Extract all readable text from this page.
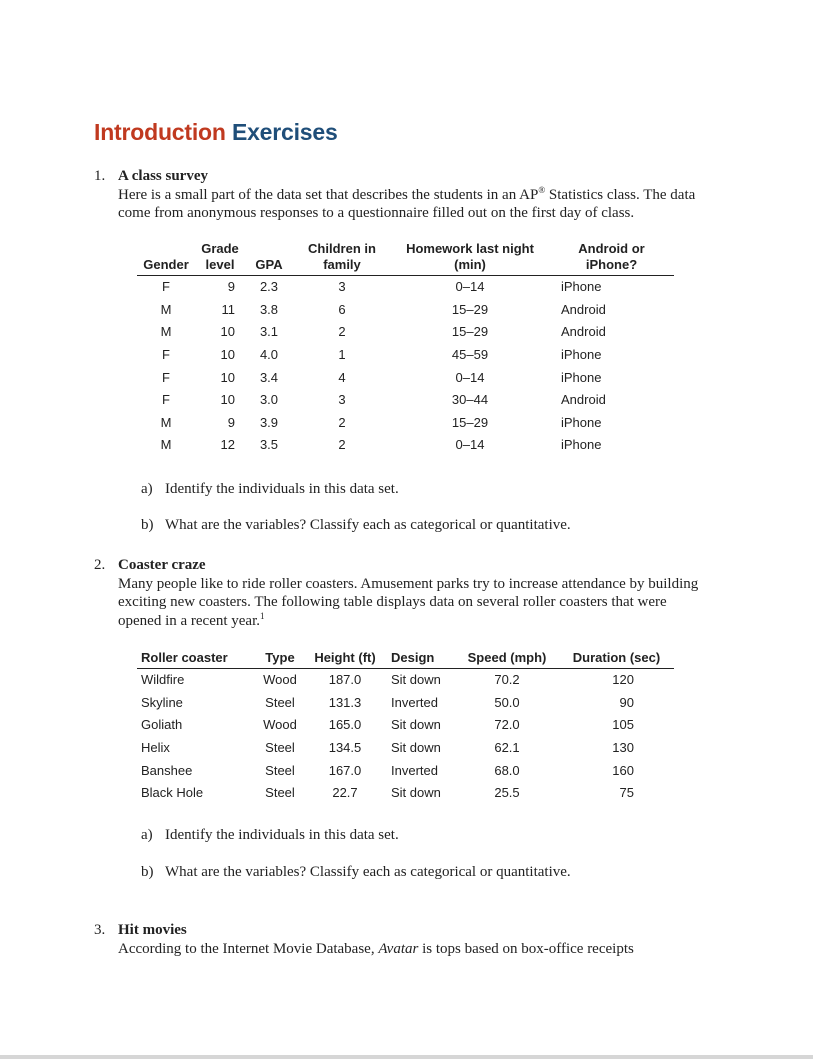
Introduction Exercises
1. A class survey
Here is a small part of the data set that describes the students in an AP® Statistics class. The data come from anonymous responses to a questionnaire filled out on the first day of class.
Gender	Grade level	GPA	Children in family	Homework last night (min)	Android or iPhone?
F	9	2.3	3	0–14	iPhone
M	11	3.8	6	15–29	Android
M	10	3.1	2	15–29	Android
F	10	4.0	1	45–59	iPhone
F	10	3.4	4	0–14	iPhone
F	10	3.0	3	30–44	Android
M	9	3.9	2	15–29	iPhone
M	12	3.5	2	0–14	iPhone
a) Identify the individuals in this data set.
b) What are the variables? Classify each as categorical or quantitative.
2. Coaster craze
Many people like to ride roller coasters. Amusement parks try to increase attendance by building exciting new coasters. The following table displays data on several roller coasters that were opened in a recent year.$^1$
Roller coaster	Type	Height (ft)	Design	Speed (mph)	Duration (sec)
Wildfire	Wood	187.0	Sit down	70.2	120
Skyline	Steel	131.3	Inverted	50.0	90
Goliath	Wood	165.0	Sit down	72.0	105
Helix	Steel	134.5	Sit down	62.1	130
Banshee	Steel	167.0	Inverted	68.0	160
Black Hole	Steel	22.7	Sit down	25.5	75
a) Identify the individuals in this data set.
b) What are the variables? Classify each as categorical or quantitative.
3. Hit movies
According to the Internet Movie Database, Avatar is tops based on box-office receipts
